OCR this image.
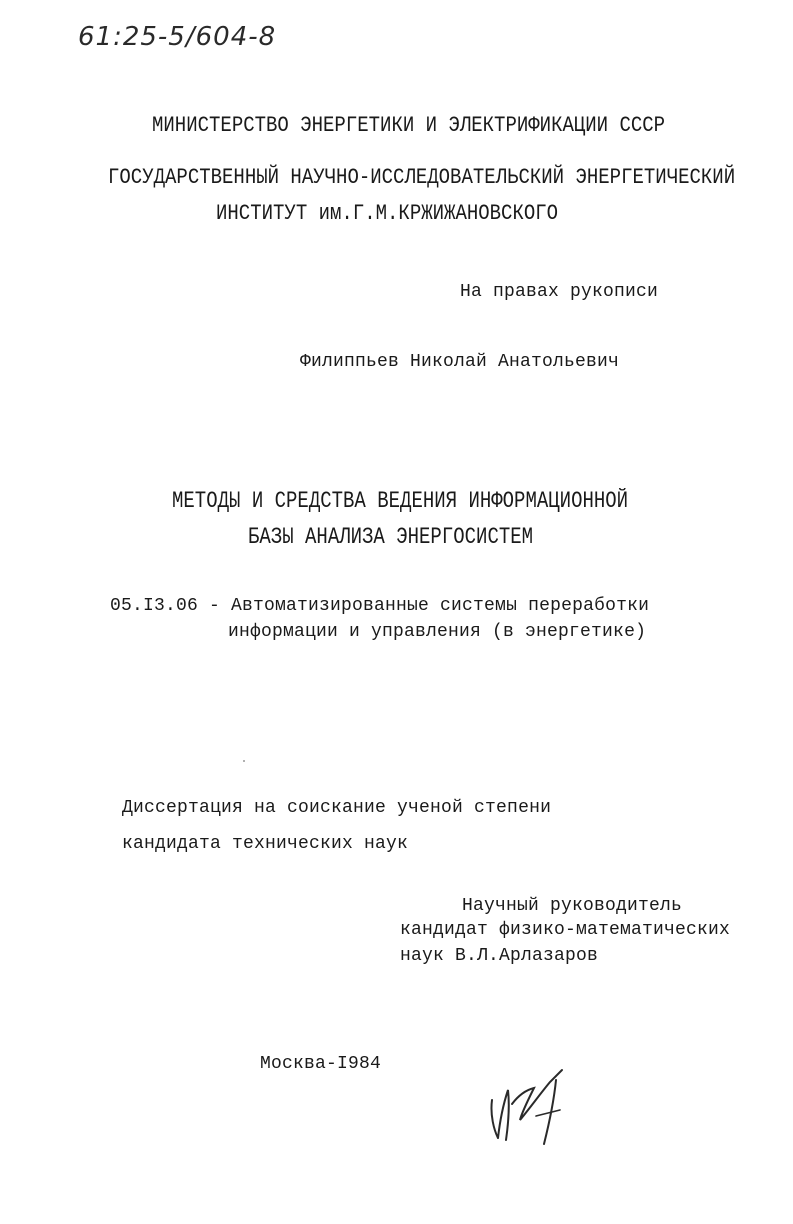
61:25-5/604-8
МИНИСТЕРСТВО ЭНЕРГЕТИКИ И ЭЛЕКТРИФИКАЦИИ СССР
ГОСУДАРСТВЕННЫЙ НАУЧНО-ИССЛЕДОВАТЕЛЬСКИЙ ЭНЕРГЕТИЧЕСКИЙ
ИНСТИТУТ им.Г.М.КРЖИЖАНОВСКОГО
На правах рукописи
Филиппьев Николай Анатольевич
МЕТОДЫ И СРЕДСТВА ВЕДЕНИЯ ИНФОРМАЦИОННОЙ
БАЗЫ АНАЛИЗА ЭНЕРГОСИСТЕМ
05.I3.06 - Автоматизированные системы переработки
информации и управления (в энергетике)
Диссертация на соискание ученой степени
кандидата технических наук
Научный руководитель
кандидат физико-математических
наук В.Л.Арлазаров
Москва-I984
